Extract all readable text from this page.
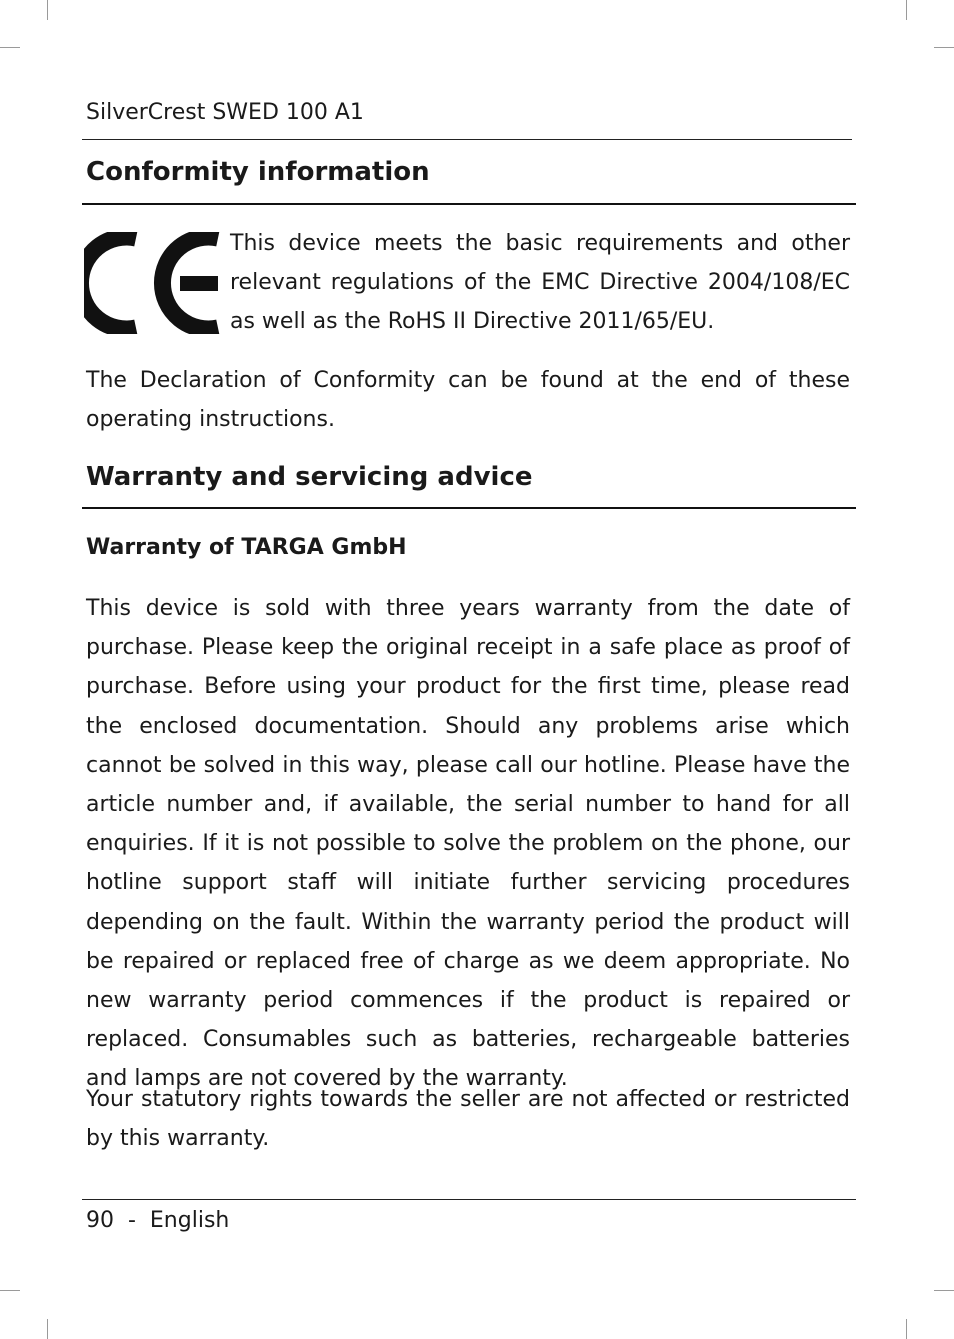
SilverCrest SWED 100 A1
Conformity information
This device meets the basic requirements and other relevant regulations of the EMC Directive 2004/108/EC as well as the RoHS II Directive 2011/65/EU.
The Declaration of Conformity can be found at the end of these operating instructions.
Warranty and servicing advice
Warranty of TARGA GmbH
This device is sold with three years warranty from the date of purchase. Please keep the original receipt in a safe place as proof of purchase. Before using your product for the first time, please read the enclosed documentation. Should any problems arise which cannot be solved in this way, please call our hotline. Please have the article number and, if available, the serial number to hand for all enquiries. If it is not possible to solve the problem on the phone, our hotline support staff will initiate further servicing procedures depending on the fault. Within the warranty period the product will be repaired or replaced free of charge as we deem appropriate. No new warranty period commences if the product is repaired or replaced. Consumables such as batteries, rechargeable batteries and lamps are not covered by the warranty.
Your statutory rights towards the seller are not affected or restricted by this warranty.
90  -  English
